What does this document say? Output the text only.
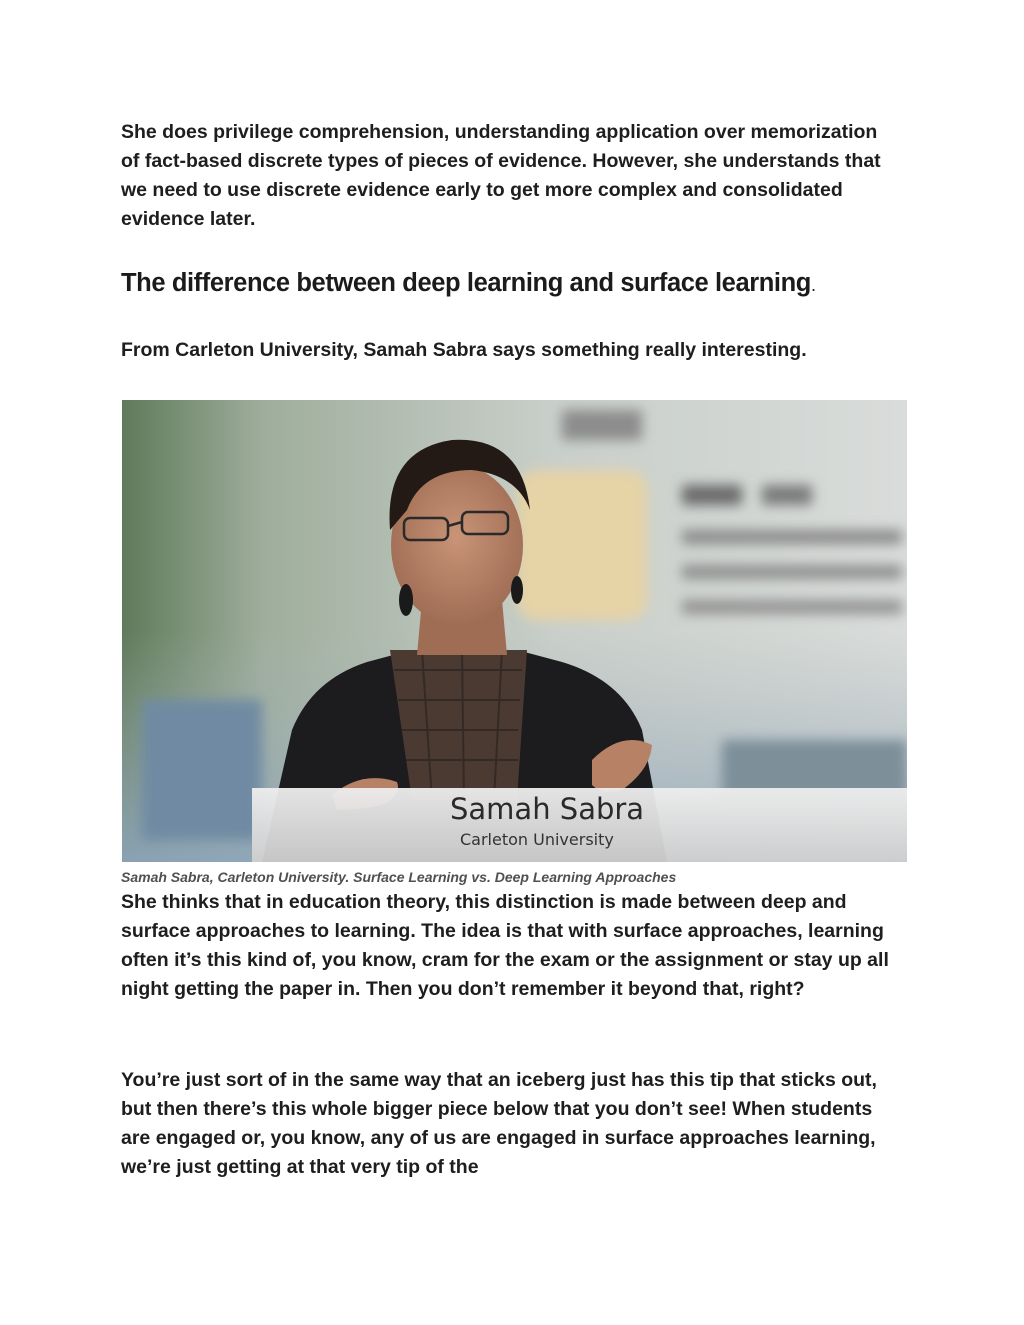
She does privilege comprehension, understanding application over memorization of fact-based discrete types of pieces of evidence. However, she understands that we need to use discrete evidence early to get more complex and consolidated evidence later.

The difference between deep learning and surface learning.

From Carleton University, Samah Sabra says something really interesting.

Samah Sabra
Carleton University

Samah Sabra, Carleton University. Surface Learning vs. Deep Learning Approaches

She thinks that in education theory, this distinction is made between deep and surface approaches to learning. The idea is that with surface approaches, learning often it’s this kind of, you know, cram for the exam or the assignment or stay up all night getting the paper in. Then you don’t remember it beyond that, right?

You’re just sort of in the same way that an iceberg just has this tip that sticks out, but then there’s this whole bigger piece below that you don’t see! When students are engaged or, you know, any of us are engaged in surface approaches learning, we’re just getting at that very tip of the
